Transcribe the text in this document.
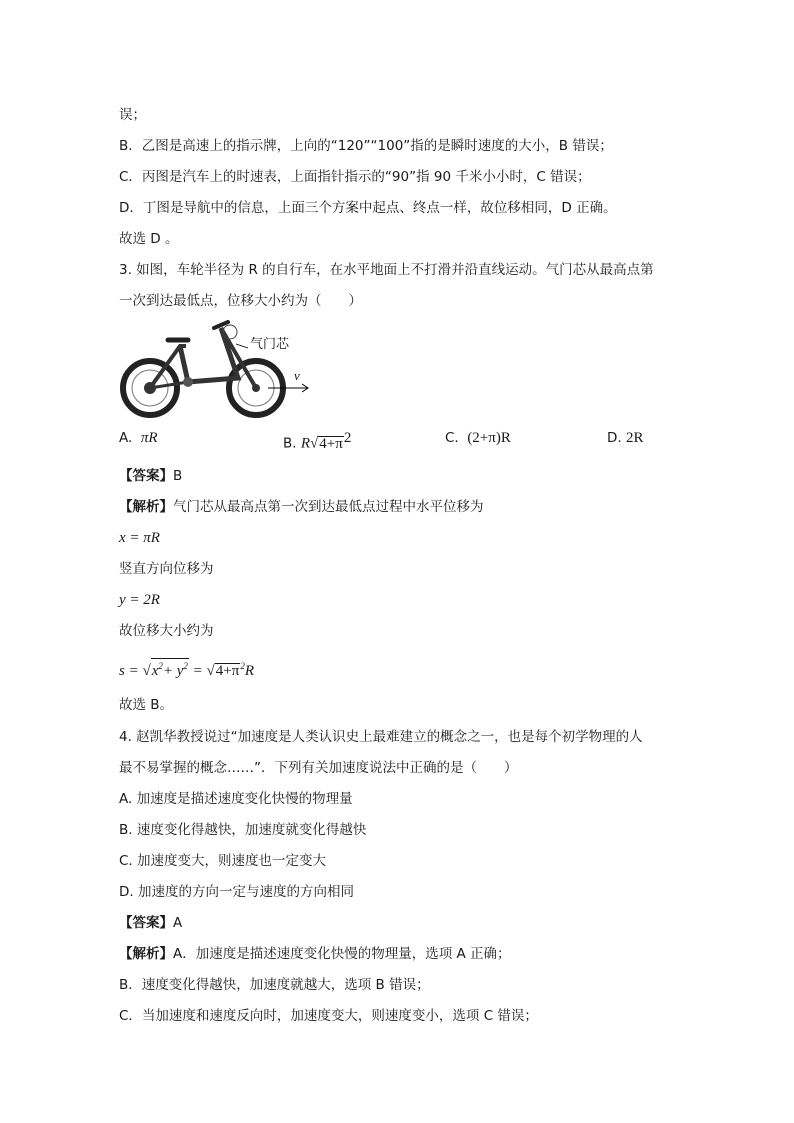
误；
B．乙图是高速上的指示牌，上向的“120”“100”指的是瞬时速度的大小，B 错误；
C．丙图是汽车上的时速表，上面指针指示的“90”指 90 千米小小时，C 错误；
D．丁图是导航中的信息，上面三个方案中起点、终点一样，故位移相同，D 正确。
故选 D 。
3. 如图，车轮半径为 R 的自行车，在水平地面上不打滑并沿直线运动。气门芯从最高点第
一次到达最低点，位移大小约为（　　）
气门芯
v
A. πR	B. $R√4+\pi^2$	C. (2+π)R	D. 2R
【答案】B
【解析】气门芯从最高点第一次到达最低点过程中水平位移为
x = πR
竖直方向位移为
y = 2R
故位移大小约为
$s = √x^2+ y^2 = √4+\pi^2R$
故选 B。
4. 赵凯华教授说过“加速度是人类认识史上最难建立的概念之一，也是每个初学物理的人
最不易掌握的概念……”．下列有关加速度说法中正确的是（　　）
A. 加速度是描述速度变化快慢的物理量
B. 速度变化得越快，加速度就变化得越快
C. 加速度变大，则速度也一定变大
D. 加速度的方向一定与速度的方向相同
【答案】A
【解析】A．加速度是描述速度变化快慢的物理量，选项 A 正确；
B．速度变化得越快，加速度就越大，选项 B 错误；
C．当加速度和速度反向时，加速度变大，则速度变小，选项 C 错误；
